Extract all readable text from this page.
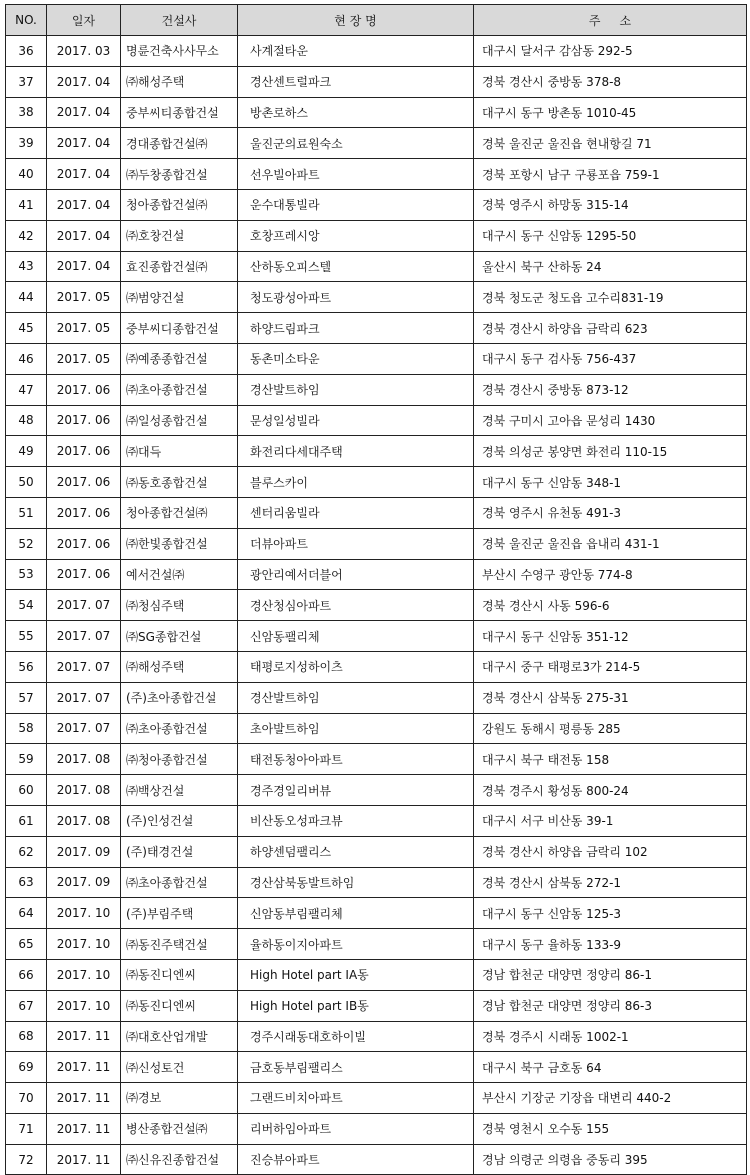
NO.	일자	건설사	현 장 명	주     소
36	2017. 03	명륜건축사사무소	사계절타운	대구시 달서구 감삼동 292-5
37	2017. 04	㈜해성주택	경산센트럴파크	경북 경산시 중방동 378-8
38	2017. 04	중부씨티종합건설	방촌로하스	대구시 동구 방촌동 1010-45
39	2017. 04	경대종합건설㈜	울진군의료원숙소	경북 울진군 울진읍 현내항길 71
40	2017. 04	㈜두창종합건설	선우빌아파트	경북 포항시 남구 구룡포읍 759-1
41	2017. 04	청아종합건설㈜	운수대통빌라	경북 영주시 하망동 315-14
42	2017. 04	㈜호창건설	호창프레시앙	대구시 동구 신암동 1295-50
43	2017. 04	효진종합건설㈜	산하동오피스텔	울산시 북구 산하동 24
44	2017. 05	㈜범양건설	청도광성아파트	경북 청도군 청도읍 고수리831-19
45	2017. 05	중부씨디종합건설	하양드림파크	경북 경산시 하양읍 금락리 623
46	2017. 05	㈜예종종합건설	동촌미소타운	대구시 동구 검사동 756-437
47	2017. 06	㈜초아종합건설	경산발트하임	경북 경산시 중방동 873-12
48	2017. 06	㈜일성종합건설	문성일성빌라	경북 구미시 고아읍 문성리 1430
49	2017. 06	㈜대득	화전리다세대주택	경북 의성군 봉양면 화전리 110-15
50	2017. 06	㈜동호종합건설	블루스카이	대구시 동구 신암동 348-1
51	2017. 06	청아종합건설㈜	센터리움빌라	경북 영주시 유천동 491-3
52	2017. 06	㈜한빛종합건설	더뷰아파트	경북 울진군 울진읍 읍내리 431-1
53	2017. 06	예서건설㈜	광안리예서더블어	부산시 수영구 광안동 774-8
54	2017. 07	㈜청심주택	경산청심아파트	경북 경산시 사동 596-6
55	2017. 07	㈜SG종합건설	신암동팰리체	대구시 동구 신암동 351-12
56	2017. 07	㈜해성주택	태평로지성하이츠	대구시 중구 태평로3가 214-5
57	2017. 07	(주)초아종합건설	경산발트하임	경북 경산시 삼북동 275-31
58	2017. 07	㈜초아종합건설	초아발트하임	강원도 동해시 평릉동 285
59	2017. 08	㈜청아종합건설	태전동청아아파트	대구시 북구 태전동 158
60	2017. 08	㈜백상건설	경주경일리버뷰	경북 경주시 황성동 800-24
61	2017. 08	(주)인성건설	비산동오성파크뷰	대구시 서구 비산동 39-1
62	2017. 09	(주)태경건설	하양센덤팰리스	경북 경산시 하양읍 금락리 102
63	2017. 09	㈜초아종합건설	경산삼북동발트하임	경북 경산시 삼북동 272-1
64	2017. 10	(주)부림주택	신암동부림팰리체	대구시 동구 신암동 125-3
65	2017. 10	㈜동진주택건설	율하동이지아파트	대구시 동구 율하동 133-9
66	2017. 10	㈜동진디엔씨	High Hotel part ⅠA동	경남 합천군 대양면 정양리 86-1
67	2017. 10	㈜동진디엔씨	High Hotel part ⅠB동	경남 합천군 대양면 정양리 86-3
68	2017. 11	㈜대호산업개발	경주시래동대호하이빌	경북 경주시 시래동 1002-1
69	2017. 11	㈜신성토건	금호동부림팰리스	대구시 북구 금호동 64
70	2017. 11	㈜경보	그랜드비치아파트	부산시 기장군 기장읍 대변리 440-2
71	2017. 11	병산종합건설㈜	리버하임아파트	경북 영천시 오수동 155
72	2017. 11	㈜신유진종합건설	진승뷰아파트	경남 의령군 의령읍 중동리 395
